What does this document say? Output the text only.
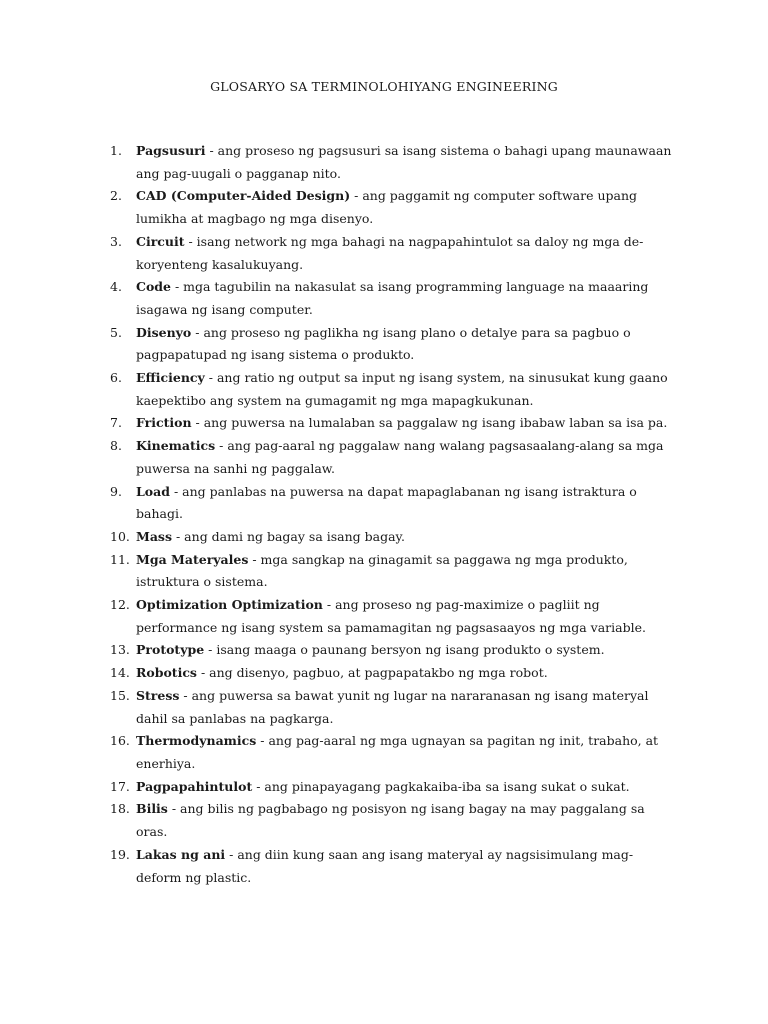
GLOSARYO SA TERMINOLOHIYANG ENGINEERING
1. Pagsusuri - ang proseso ng pagsusuri sa isang sistema o bahagi upang maunawaan ang pag-uugali o pagganap nito.
2. CAD (Computer-Aided Design) - ang paggamit ng computer software upang lumikha at magbago ng mga disenyo.
3. Circuit - isang network ng mga bahagi na nagpapahintulot sa daloy ng mga de-koryenteng kasalukuyang.
4. Code - mga tagubilin na nakasulat sa isang programming language na maaaring isagawa ng isang computer.
5. Disenyo - ang proseso ng paglikha ng isang plano o detalye para sa pagbuo o pagpapatupad ng isang sistema o produkto.
6. Efficiency - ang ratio ng output sa input ng isang system, na sinusukat kung gaano kaepektibo ang system na gumagamit ng mga mapagkukunan.
7. Friction - ang puwersa na lumalaban sa paggalaw ng isang ibabaw laban sa isa pa.
8. Kinematics - ang pag-aaral ng paggalaw nang walang pagsasaalang-alang sa mga puwersa na sanhi ng paggalaw.
9. Load - ang panlabas na puwersa na dapat mapaglabanan ng isang istraktura o bahagi.
10. Mass - ang dami ng bagay sa isang bagay.
11. Mga Materyales - mga sangkap na ginagamit sa paggawa ng mga produkto, istruktura o sistema.
12. Optimization Optimization - ang proseso ng pag-maximize o pagliit ng performance ng isang system sa pamamagitan ng pagsasaayos ng mga variable.
13. Prototype - isang maaga o paunang bersyon ng isang produkto o system.
14. Robotics - ang disenyo, pagbuo, at pagpapatakbo ng mga robot.
15. Stress - ang puwersa sa bawat yunit ng lugar na nararanasan ng isang materyal dahil sa panlabas na pagkarga.
16. Thermodynamics - ang pag-aaral ng mga ugnayan sa pagitan ng init, trabaho, at enerhiya.
17. Pagpapahintulot - ang pinapayagang pagkakaiba-iba sa isang sukat o sukat.
18. Bilis - ang bilis ng pagbabago ng posisyon ng isang bagay na may paggalang sa oras.
19. Lakas ng ani - ang diin kung saan ang isang materyal ay nagsisimulang mag-deform ng plastic.
